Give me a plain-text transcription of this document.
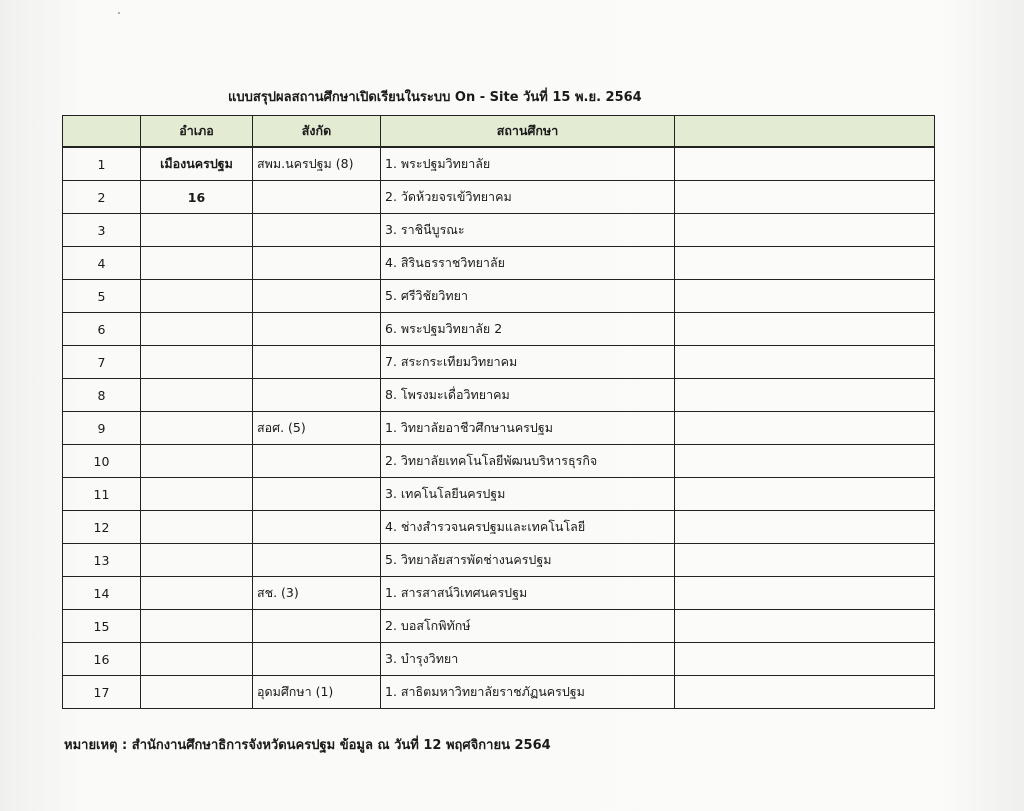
แบบสรุปผลสถานศึกษาเปิดเรียนในระบบ On - Site วันที่ 15 พ.ย. 2564
	อำเภอ	สังกัด	สถานศึกษา	
1	เมืองนครปฐม	สพม.นครปฐม (8)	1. พระปฐมวิทยาลัย	
2	16		2. วัดห้วยจรเข้วิทยาคม	
3			3. ราชินีบูรณะ	
4			4. สิรินธรราชวิทยาลัย	
5			5. ศรีวิชัยวิทยา	
6			6. พระปฐมวิทยาลัย 2	
7			7. สระกระเทียมวิทยาคม	
8			8. โพรงมะเดื่อวิทยาคม	
9		สอศ. (5)	1. วิทยาลัยอาชีวศึกษานครปฐม	
10			2. วิทยาลัยเทคโนโลยีพัฒนบริหารธุรกิจ	
11			3. เทคโนโลยีนครปฐม	
12			4. ช่างสำรวจนครปฐมและเทคโนโลยี	
13			5. วิทยาลัยสารพัดช่างนครปฐม	
14		สช. (3)	1. สารสาสน์วิเทศนครปฐม	
15			2. บอสโกพิทักษ์	
16			3. บำรุงวิทยา	
17		อุดมศึกษา (1)	1. สาธิตมหาวิทยาลัยราชภัฏนครปฐม	
หมายเหตุ : สำนักงานศึกษาธิการจังหวัดนครปฐม ข้อมูล ณ วันที่ 12 พฤศจิกายน 2564
